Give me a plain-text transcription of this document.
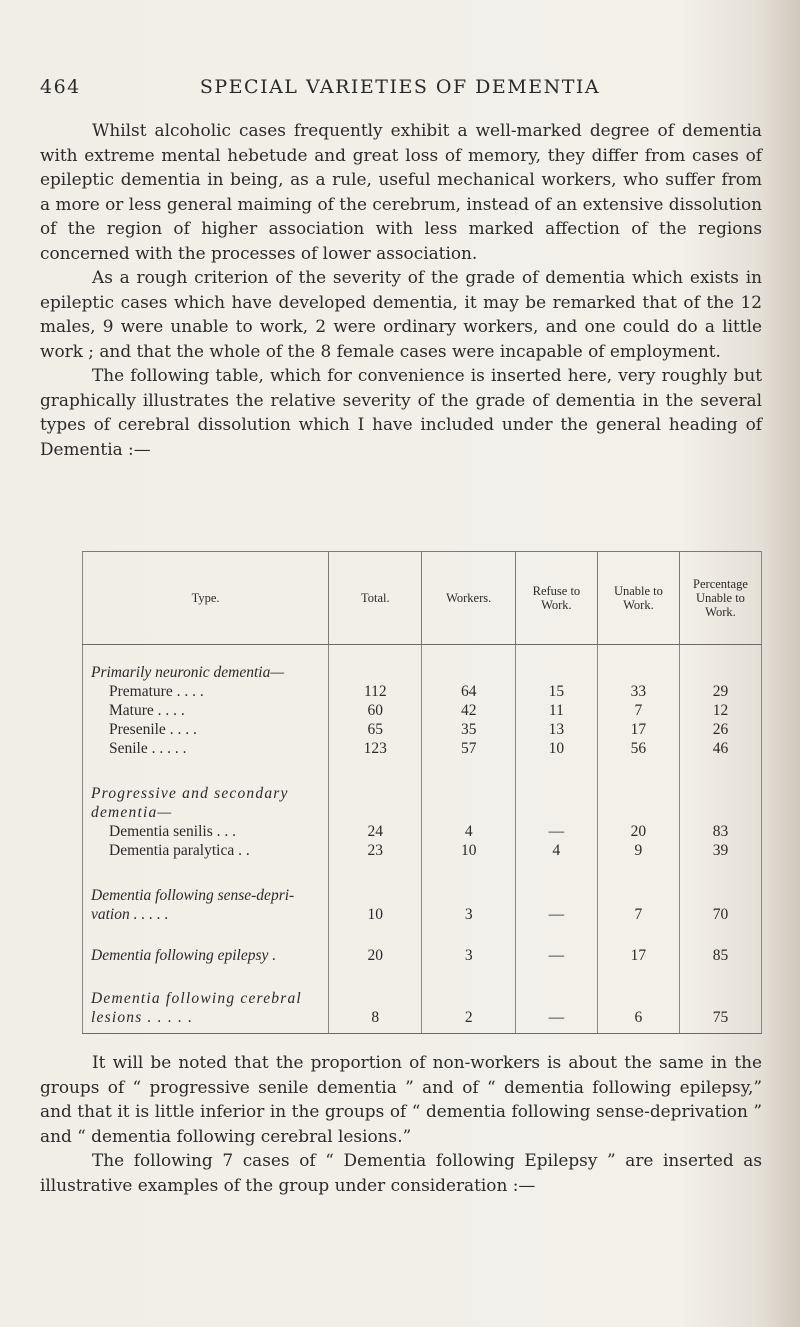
464	SPECIAL VARIETIES OF DEMENTIA

Whilst alcoholic cases frequently exhibit a well-marked degree of dementia with extreme mental hebetude and great loss of memory, they differ from cases of epileptic dementia in being, as a rule, useful mechanical workers, who suffer from a more or less general maiming of the cerebrum, instead of an extensive dissolution of the region of higher association with less marked affection of the regions concerned with the processes of lower association.

As a rough criterion of the severity of the grade of dementia which exists in epileptic cases which have developed dementia, it may be remarked that of the 12 males, 9 were unable to work, 2 were ordinary workers, and one could do a little work ; and that the whole of the 8 female cases were incapable of employment.

The following table, which for convenience is inserted here, very roughly but graphically illustrates the relative severity of the grade of dementia in the several types of cerebral dissolution which I have included under the general heading of Dementia :—

Type.	Total.	Workers.	Refuse to Work.	Unable to Work.	Percentage Unable to Work.
Primarily neuronic dementia—					
Premature . . . .	112	64	15	33	29
Mature . . . .	60	42	11	7	12
Presenile . . . .	65	35	13	17	26
Senile . . . . .	123	57	10	56	46
Progressive and secondary dementia—					
Dementia senilis . . .	24	4	—	20	83
Dementia paralytica . .	23	10	4	9	39
Dementia following sense-depri- vation . . . . .	10	3	—	7	70
Dementia following epilepsy .	20	3	—	17	85
Dementia following cerebral lesions . . . . .	8	2	—	6	75

It will be noted that the proportion of non-workers is about the same in the groups of “ progressive senile dementia ” and of “ dementia following epilepsy,” and that it is little inferior in the groups of “ dementia following sense-deprivation ” and “ dementia following cerebral lesions.”

The following 7 cases of “ Dementia following Epilepsy ” are inserted as illustrative examples of the group under consideration :—
